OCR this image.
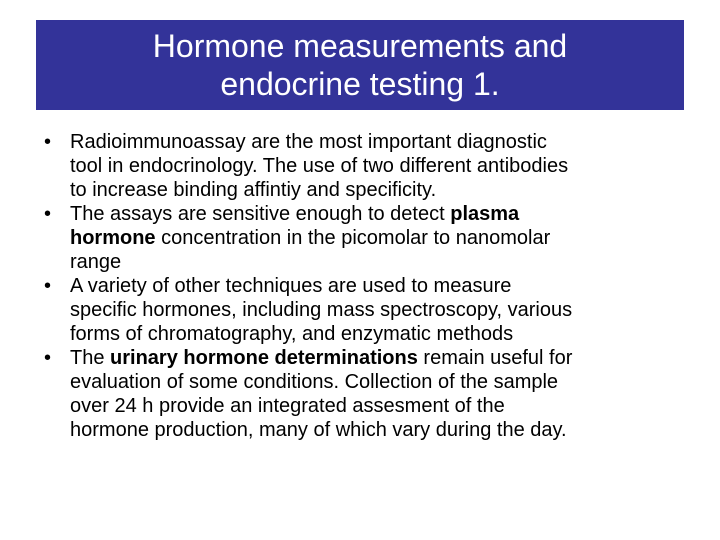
Hormone measurements and
endocrine testing 1.
• Radioimmunoassay are the most important diagnostic
tool in endocrinology. The use of two different antibodies
to increase binding affintiy and specificity.
• The assays are sensitive enough to detect plasma
hormone concentration in the picomolar to nanomolar
range
• A variety of other techniques are used to measure
specific hormones, including mass spectroscopy, various
forms of chromatography, and enzymatic methods
• The urinary hormone determinations remain useful for
evaluation of some conditions. Collection of the sample
over 24 h provide an integrated assesment of the
hormone production, many of which vary during the day.
